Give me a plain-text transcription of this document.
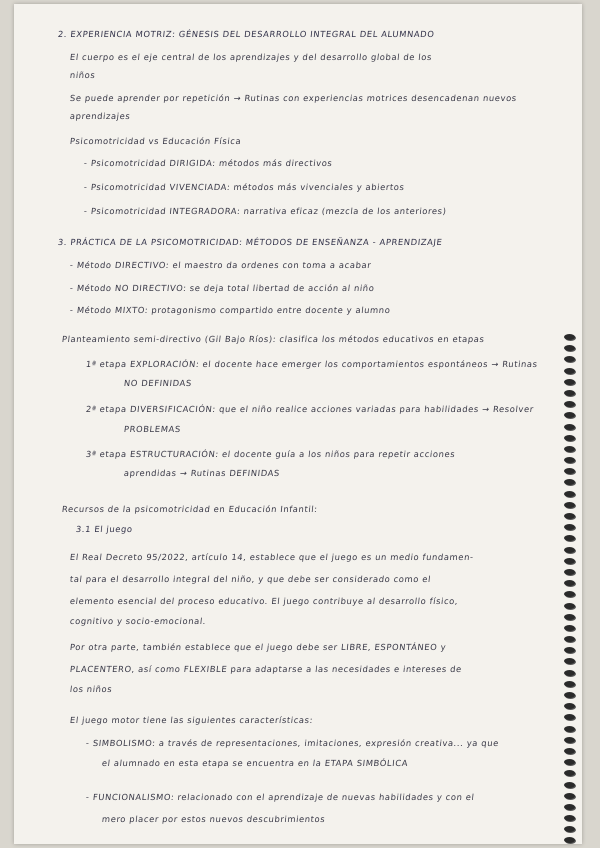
2. EXPERIENCIA MOTRIZ: GÉNESIS DEL DESARROLLO INTEGRAL DEL ALUMNADO
El cuerpo es el eje central de los aprendizajes y del desarrollo global de los
niños
Se puede aprender por repetición → Rutinas con experiencias motrices desencadenan nuevos
aprendizajes
Psicomotricidad vs Educación Física
- Psicomotricidad DIRIGIDA: métodos más directivos
- Psicomotricidad VIVENCIADA: métodos más vivenciales y abiertos
- Psicomotricidad INTEGRADORA: narrativa eficaz (mezcla de los anteriores)
3. PRÁCTICA DE LA PSICOMOTRICIDAD: MÉTODOS DE ENSEÑANZA - APRENDIZAJE
- Método DIRECTIVO: el maestro da ordenes con toma a acabar
- Método NO DIRECTIVO: se deja total libertad de acción al niño
- Método MIXTO: protagonismo compartido entre docente y alumno
Planteamiento semi-directivo (Gil Bajo Ríos): clasifica los métodos educativos en etapas
1ª etapa EXPLORACIÓN: el docente hace emerger los comportamientos espontáneos → Rutinas
NO DEFINIDAS
2ª etapa DIVERSIFICACIÓN: que el niño realice acciones variadas para habilidades → Resolver
PROBLEMAS
3ª etapa ESTRUCTURACIÓN: el docente guía a los niños para repetir acciones
aprendidas → Rutinas DEFINIDAS
Recursos de la psicomotricidad en Educación Infantil:
3.1 El juego
El Real Decreto 95/2022, artículo 14, establece que el juego es un medio fundamen-
tal para el desarrollo integral del niño, y que debe ser considerado como el
elemento esencial del proceso educativo. El juego contribuye al desarrollo físico,
cognitivo y socio-emocional.
Por otra parte, también establece que el juego debe ser LIBRE, ESPONTÁNEO y
PLACENTERO, así como FLEXIBLE para adaptarse a las necesidades e intereses de
los niños
El juego motor tiene las siguientes características:
- SIMBOLISMO: a través de representaciones, imitaciones, expresión creativa... ya que
el alumnado en esta etapa se encuentra en la ETAPA SIMBÓLICA
- FUNCIONALISMO: relacionado con el aprendizaje de nuevas habilidades y con el
mero placer por estos nuevos descubrimientos
